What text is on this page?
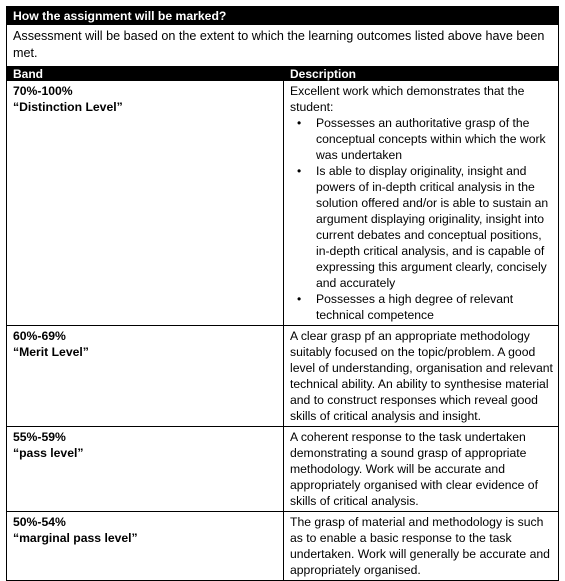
How the assignment will be marked?
Assessment will be based on the extent to which the learning outcomes listed above have been met.
Band	Description
70%-100%
“Distinction Level”
Excellent work which demonstrates that the student:
• Possesses an authoritative grasp of the conceptual concepts within which the work was undertaken
• Is able to display originality, insight and powers of in-depth critical analysis in the solution offered and/or is able to sustain an argument displaying originality, insight into current debates and conceptual positions, in-depth critical analysis, and is capable of expressing this argument clearly, concisely and accurately
• Possesses a high degree of relevant technical competence
60%-69%
“Merit Level”
A clear grasp pf an appropriate methodology suitably focused on the topic/problem. A good level of understanding, organisation and relevant technical ability. An ability to synthesise material and to construct responses which reveal good skills of critical analysis and insight.
55%-59%
“pass level”
A coherent response to the task undertaken demonstrating a sound grasp of appropriate methodology. Work will be accurate and appropriately organised with clear evidence of skills of critical analysis.
50%-54%
“marginal pass level”
The grasp of material and methodology is such as to enable a basic response to the task undertaken. Work will generally be accurate and appropriately organised.
